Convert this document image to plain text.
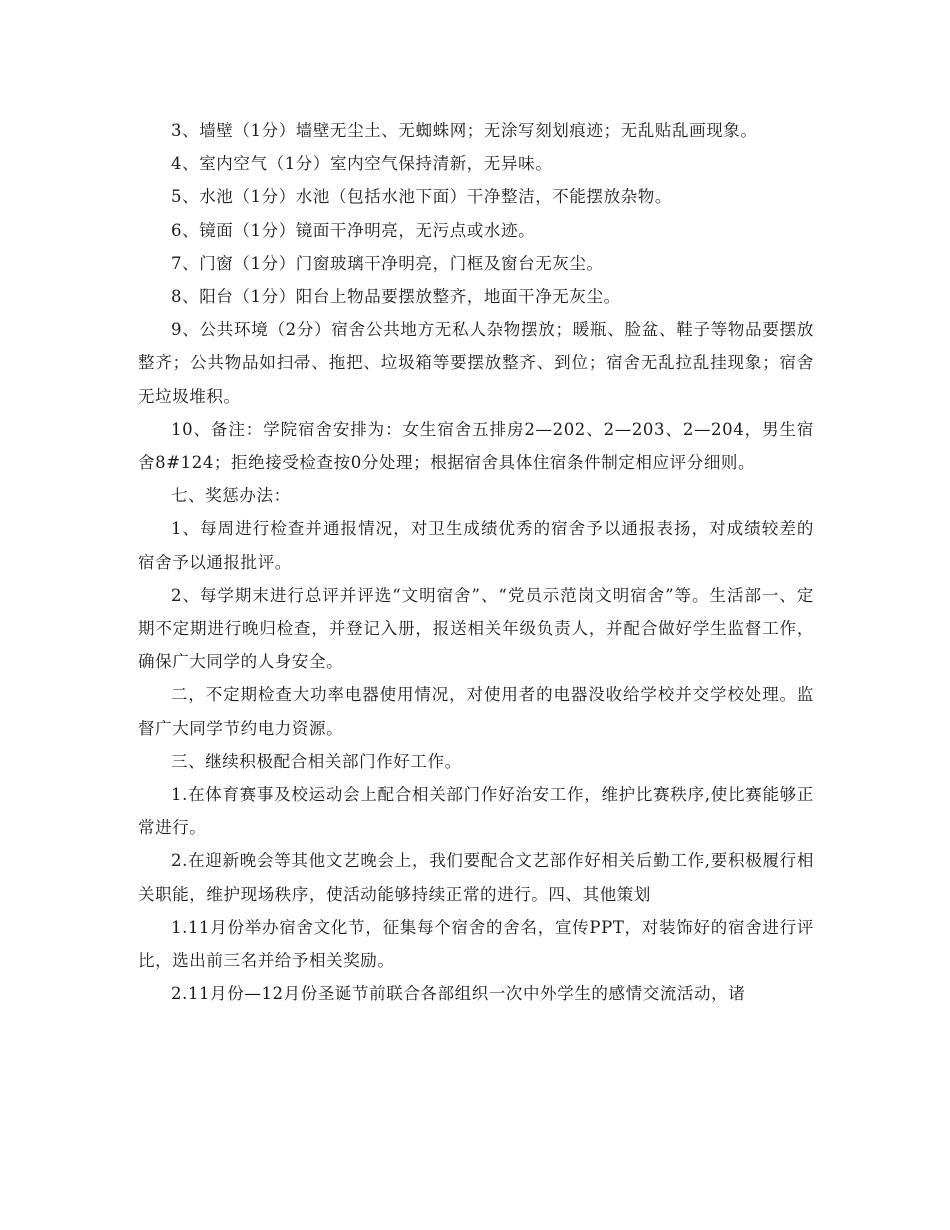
3、墙壁（1分）墙壁无尘土、无蜘蛛网；无涂写刻划痕迹；无乱贴乱画现象。

4、室内空气（1分）室内空气保持清新，无异味。

5、水池（1分）水池（包括水池下面）干净整洁，不能摆放杂物。

6、镜面（1分）镜面干净明亮，无污点或水迹。

7、门窗（1分）门窗玻璃干净明亮，门框及窗台无灰尘。

8、阳台（1分）阳台上物品要摆放整齐，地面干净无灰尘。

9、公共环境（2分）宿舍公共地方无私人杂物摆放；暖瓶、脸盆、鞋子等物品要摆放整齐；公共物品如扫帚、拖把、垃圾箱等要摆放整齐、到位；宿舍无乱拉乱挂现象；宿舍无垃圾堆积。

10、备注：学院宿舍安排为：女生宿舍五排房2—202、2—203、2—204，男生宿舍8#124；拒绝接受检查按0分处理；根据宿舍具体住宿条件制定相应评分细则。

七、奖惩办法：

1、每周进行检查并通报情况，对卫生成绩优秀的宿舍予以通报表扬，对成绩较差的宿舍予以通报批评。

2、每学期末进行总评并评选“文明宿舍”、“党员示范岗文明宿舍”等。生活部一、定期不定期进行晚归检查，并登记入册，报送相关年级负责人，并配合做好学生监督工作，确保广大同学的人身安全。

二，不定期检查大功率电器使用情况，对使用者的电器没收给学校并交学校处理。监督广大同学节约电力资源。

三、继续积极配合相关部门作好工作。

1.在体育赛事及校运动会上配合相关部门作好治安工作，维护比赛秩序,使比赛能够正常进行。

2.在迎新晚会等其他文艺晚会上，我们要配合文艺部作好相关后勤工作,要积极履行相关职能，维护现场秩序，使活动能够持续正常的进行。四、其他策划

1.11月份举办宿舍文化节，征集每个宿舍的舍名，宣传PPT，对装饰好的宿舍进行评比，选出前三名并给予相关奖励。

2.11月份—12月份圣诞节前联合各部组织一次中外学生的感情交流活动，诸
